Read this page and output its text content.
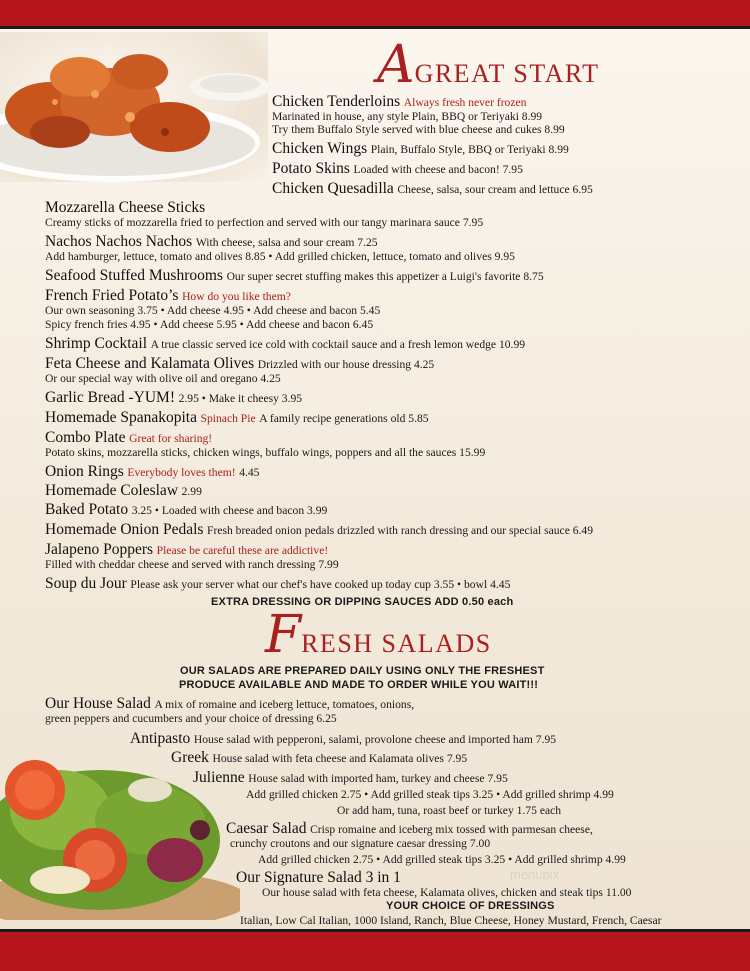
AGREAT START
Chicken Tenderloins Always fresh never frozen
Marinated in house, any style Plain, BBQ or Teriyaki 8.99
Try them Buffalo Style served with blue cheese and cukes 8.99
Chicken Wings Plain, Buffalo Style, BBQ or Teriyaki 8.99
Potato Skins Loaded with cheese and bacon! 7.95
Chicken Quesadilla Cheese, salsa, sour cream and lettuce 6.95
Mozzarella Cheese Sticks
Creamy sticks of mozzarella fried to perfection and served with our tangy marinara sauce 7.95
Nachos Nachos Nachos With cheese, salsa and sour cream 7.25
Add hamburger, lettuce, tomato and olives 8.85 • Add grilled chicken, lettuce, tomato and olives 9.95
Seafood Stuffed Mushrooms Our super secret stuffing makes this appetizer a Luigi's favorite 8.75
French Fried Potato’s How do you like them?
Our own seasoning 3.75 • Add cheese 4.95 • Add cheese and bacon 5.45
Spicy french fries 4.95 • Add cheese 5.95 • Add cheese and bacon 6.45
Shrimp Cocktail A true classic served ice cold with cocktail sauce and a fresh lemon wedge 10.99
Feta Cheese and Kalamata Olives Drizzled with our house dressing 4.25
Or our special way with olive oil and oregano 4.25
Garlic Bread -YUM! 2.95 • Make it cheesy 3.95
Homemade Spanakopita Spinach Pie A family recipe generations old 5.85
Combo Plate Great for sharing!
Potato skins, mozzarella sticks, chicken wings, buffalo wings, poppers and all the sauces 15.99
Onion Rings Everybody loves them! 4.45
Homemade Coleslaw 2.99
Baked Potato 3.25 • Loaded with cheese and bacon 3.99
Homemade Onion Pedals Fresh breaded onion pedals drizzled with ranch dressing and our special sauce 6.49
Jalapeno Poppers Please be careful these are addictive!
Filled with cheddar cheese and served with ranch dressing 7.99
Soup du Jour Please ask your server what our chef's have cooked up today cup 3.55 • bowl 4.45
EXTRA DRESSING OR DIPPING SAUCES ADD 0.50 each
FRESH SALADS
OUR SALADS ARE PREPARED DAILY USING ONLY THE FRESHEST
PRODUCE AVAILABLE AND MADE TO ORDER WHILE YOU WAIT!!!
Our House Salad A mix of romaine and iceberg lettuce, tomatoes, onions,
green peppers and cucumbers and your choice of dressing 6.25
Antipasto House salad with pepperoni, salami, provolone cheese and imported ham 7.95
Greek House salad with feta cheese and Kalamata olives 7.95
Julienne House salad with imported ham, turkey and cheese 7.95
Add grilled chicken 2.75 • Add grilled steak tips 3.25 • Add grilled shrimp 4.99
Or add ham, tuna, roast beef or turkey 1.75 each
Caesar Salad Crisp romaine and iceberg mix tossed with parmesan cheese,
crunchy croutons and our signature caesar dressing 7.00
Add grilled chicken 2.75 • Add grilled steak tips 3.25 • Add grilled shrimp 4.99
Our Signature Salad 3 in 1
Our house salad with feta cheese, Kalamata olives, chicken and steak tips 11.00
YOUR CHOICE OF DRESSINGS
Italian, Low Cal Italian, 1000 Island, Ranch, Blue Cheese, Honey Mustard, French, Caesar
menupix
